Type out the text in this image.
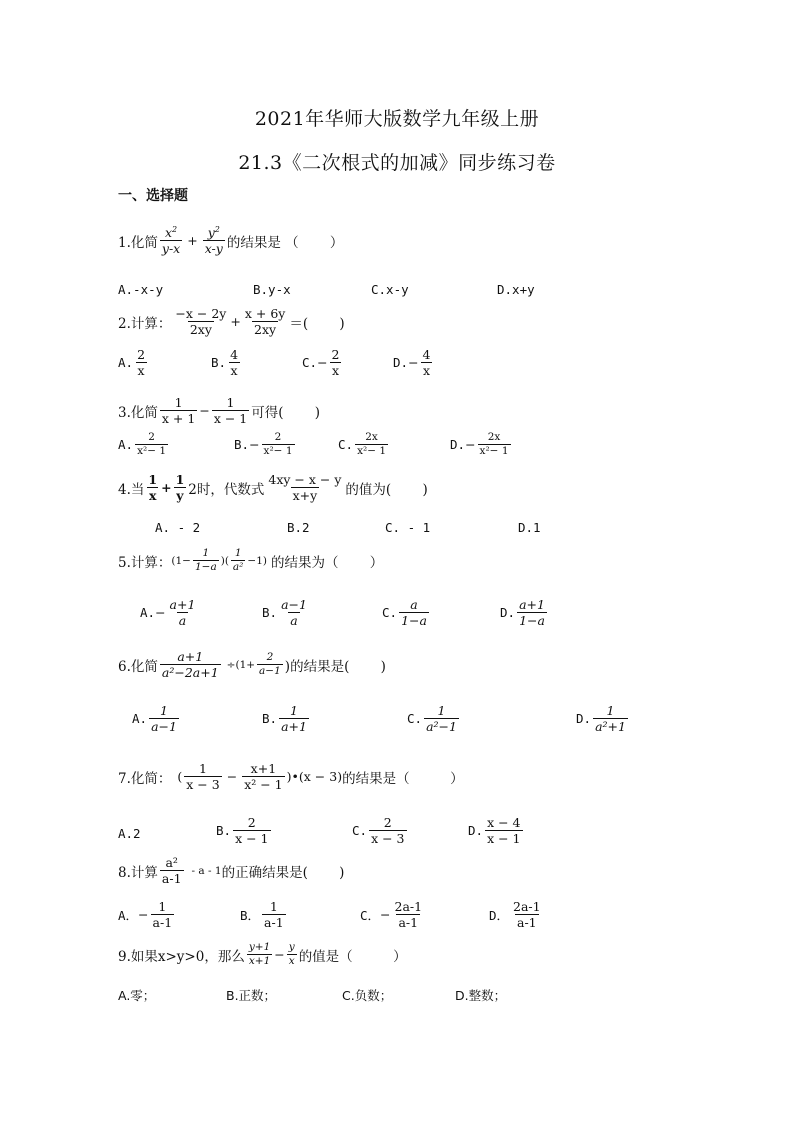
2021年华师大版数学九年级上册
21.3《二次根式的加减》同步练习卷
一、选择题
1.化简 $\frac{x^2}{y-x} + \frac{y^2}{x-y}$ 的结果是 （　　 ）
A.-x-y	B.y-x	C.x-y	D.x+y
2.计算： $\frac{-x - 2y}{2xy} + \frac{x + 6y}{2xy}$ ＝(　　 )
A. $\frac{2}{x}$	B. $\frac{4}{x}$	C. − $\frac{2}{x}$	D. − $\frac{4}{x}$
3.化简 $\frac{1}{x + 1} - \frac{1}{x - 1}$ 可得(　　 )
A. $\frac{2}{\text{x²− 1}}$	B. − $\frac{2}{\text{x²− 1}}$	C. $\frac{2x}{\text{x²− 1}}$	D. − $\frac{2x}{\text{x²− 1}}$
4.当 $\frac{1}{x} + \frac{1}{y} 2$时，代数式 $\frac{4xy - x - y}{x+y}$ 的值为(　　 )
A. - 2	B.2	C. - 1	D.1
5.计算： ($1- \frac{1}{1-a}$ )( $\frac{1}{\text{a²}} -1$) 的结果为（　　 ）
A. − $\frac{a+1}{a}$	B. $\frac{a-1}{a}$	C. $\frac{a}{1-a}$	D. $\frac{a+1}{1-a}$
6.化简 $\frac{a+1}{\text{a²−2a+1}} \div(1+ \frac{2}{a-1}$ )的结果是(　　 )
A. $\frac{1}{a-1}$	B. $\frac{1}{a+1}$	C. $\frac{1}{\text{a²−1}}$	D. $\frac{1}{\text{a²+1}}$
7.化简： ( $\frac{1}{x - 3} - \frac{x+1}{\text{x² − 1}}$ )•(x − 3) 的结果是（　　　）
A.2	B. $\frac{2}{x - 1}$	C. $\frac{2}{x - 3}$	D. $\frac{x - 4}{x - 1}$
8.计算 $\frac{\text{a²}}{a-1}$ - a - 1 的正确结果是(　　 )
A． − $\frac{1}{a-1}$	B． $\frac{1}{a-1}$	C． − $\frac{2a-1}{a-1}$	D． $\frac{2a-1}{a-1}$
9.如果x>y>0，那么 $\frac{y+1}{x+1} - \frac{y}{x}$ 的值是（　　　）
A.零；	B.正数；	C.负数；	D.整数；
